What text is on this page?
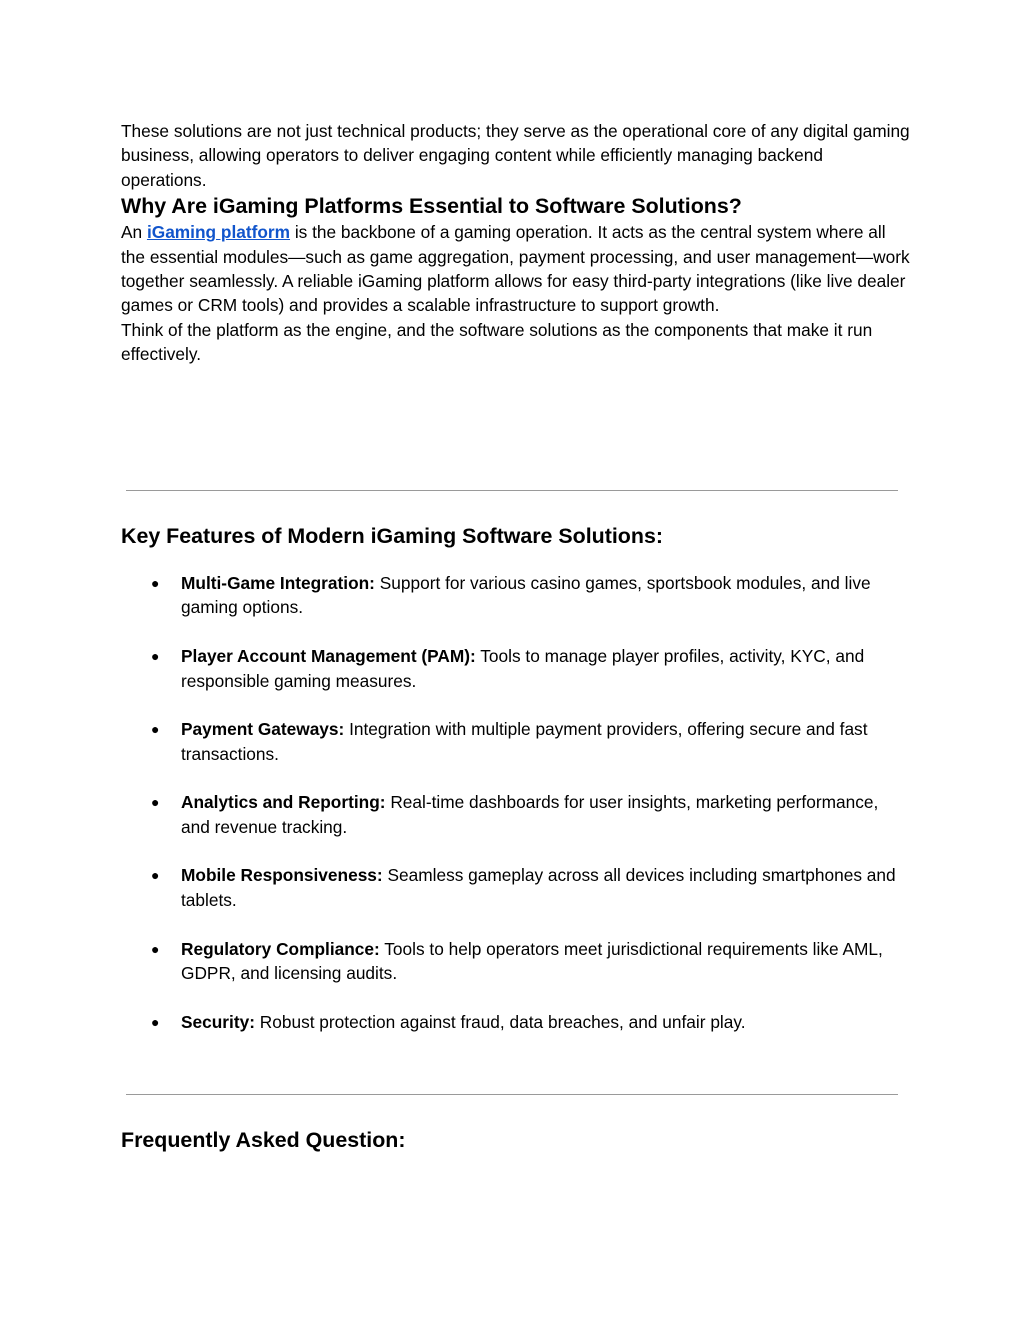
These solutions are not just technical products; they serve as the operational core of any digital gaming business, allowing operators to deliver engaging content while efficiently managing backend operations.

Why Are iGaming Platforms Essential to Software Solutions?

An iGaming platform is the backbone of a gaming operation. It acts as the central system where all the essential modules—such as game aggregation, payment processing, and user management—work together seamlessly. A reliable iGaming platform allows for easy third-party integrations (like live dealer games or CRM tools) and provides a scalable infrastructure to support growth.

Think of the platform as the engine, and the software solutions as the components that make it run effectively.

Key Features of Modern iGaming Software Solutions:
● Multi-Game Integration: Support for various casino games, sportsbook modules, and live gaming options.
● Player Account Management (PAM): Tools to manage player profiles, activity, KYC, and responsible gaming measures.
● Payment Gateways: Integration with multiple payment providers, offering secure and fast transactions.
● Analytics and Reporting: Real-time dashboards for user insights, marketing performance, and revenue tracking.
● Mobile Responsiveness: Seamless gameplay across all devices including smartphones and tablets.
● Regulatory Compliance: Tools to help operators meet jurisdictional requirements like AML, GDPR, and licensing audits.
● Security: Robust protection against fraud, data breaches, and unfair play.
Frequently Asked Question:
